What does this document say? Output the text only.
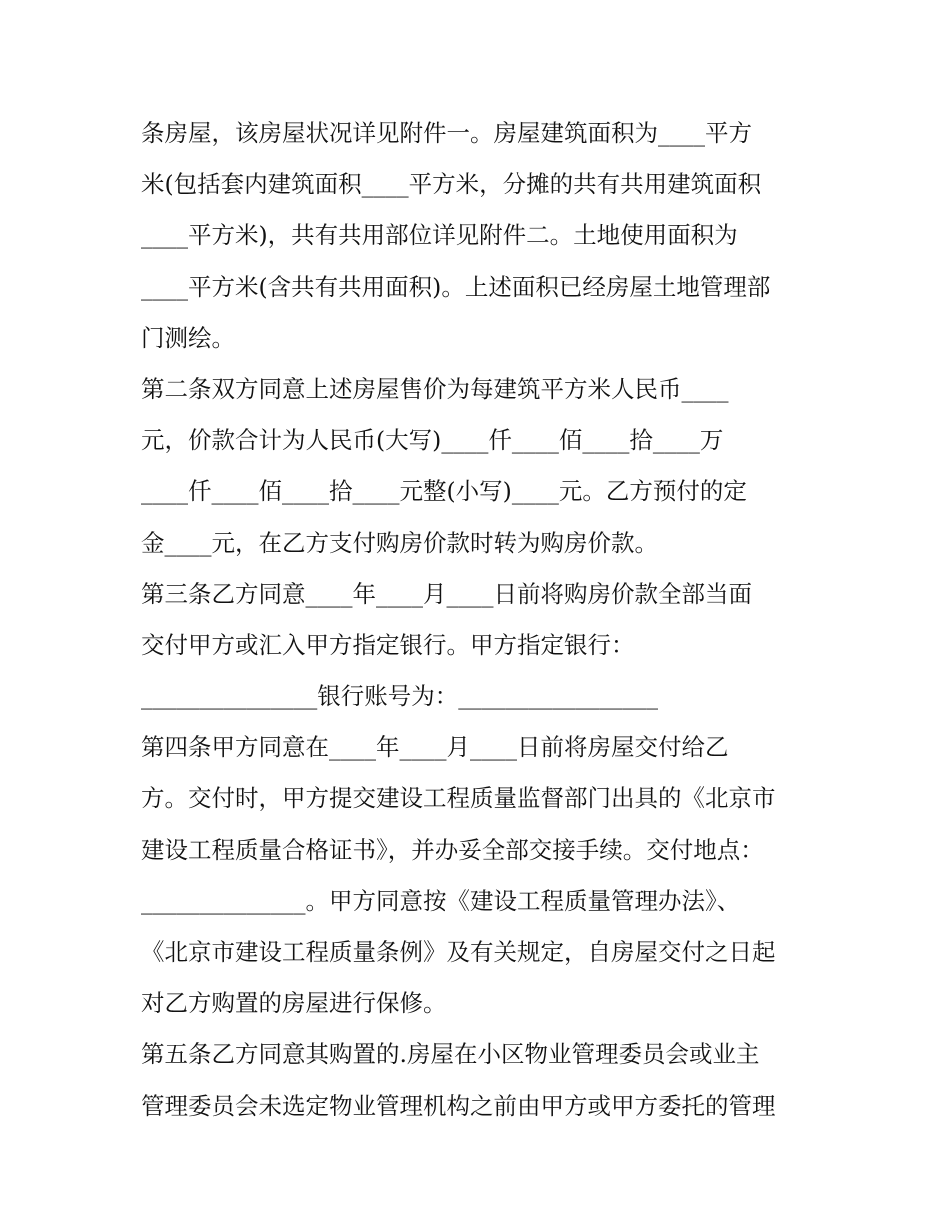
条房屋，该房屋状况详见附件一。房屋建筑面积为____平方
米(包括套内建筑面积____平方米，分摊的共有共用建筑面积
____平方米)，共有共用部位详见附件二。土地使用面积为
____平方米(含共有共用面积)。上述面积已经房屋土地管理部
门测绘。
第二条双方同意上述房屋售价为每建筑平方米人民币____
元，价款合计为人民币(大写)____仟____佰____拾____万
____仟____佰____拾____元整(小写)____元。乙方预付的定
金____元，在乙方支付购房价款时转为购房价款。
第三条乙方同意____年____月____日前将购房价款全部当面
交付甲方或汇入甲方指定银行。甲方指定银行：
_______________银行账号为：_________________
第四条甲方同意在____年____月____日前将房屋交付给乙
方。交付时，甲方提交建设工程质量监督部门出具的《北京市
建设工程质量合格证书》，并办妥全部交接手续。交付地点：
______________。甲方同意按《建设工程质量管理办法》、
《北京市建设工程质量条例》及有关规定，自房屋交付之日起
对乙方购置的房屋进行保修。
第五条乙方同意其购置的.房屋在小区物业管理委员会或业主
管理委员会未选定物业管理机构之前由甲方或甲方委托的管理
